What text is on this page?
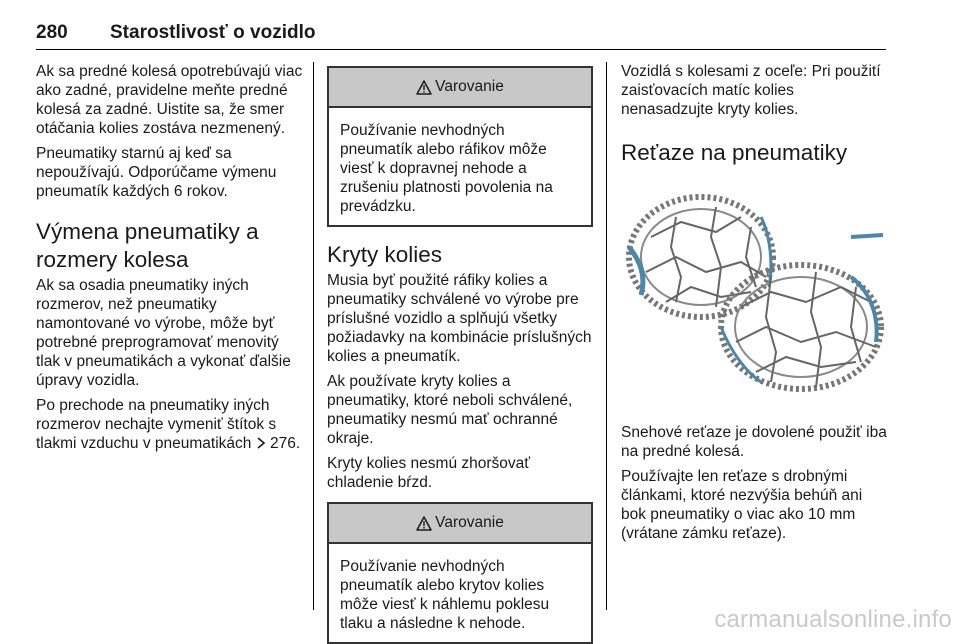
280 Starostlivosť o vozidlo

Ak sa predné kolesá opotrebúvajú viac ako zadné, pravidelne meňte predné kolesá za zadné. Uistite sa, že smer otáčania kolies zostáva nezmenený.

Pneumatiky starnú aj keď sa nepoužívajú. Odporúčame výmenu pneumatík každých 6 rokov.

Výmena pneumatiky a rozmery kolesa

Ak sa osadia pneumatiky iných rozmerov, než pneumatiky namontované vo výrobe, môže byť potrebné preprogramovať menovitý tlak v pneumatikách a vykonať ďalšie úpravy vozidla.

Po prechode na pneumatiky iných rozmerov nechajte vymeniť štítok s tlakmi vzduchu v pneumatikách 276.

Varovanie

Používanie nevhodných pneumatík alebo ráfikov môže viesť k dopravnej nehode a zrušeniu platnosti povolenia na prevádzku.

Kryty kolies

Musia byť použité ráfiky kolies a pneumatiky schválené vo výrobe pre príslušné vozidlo a splňujú všetky požiadavky na kombinácie príslušných kolies a pneumatík.

Ak používate kryty kolies a pneumatiky, ktoré neboli schválené, pneumatiky nesmú mať ochranné okraje.

Kryty kolies nesmú zhoršovať chladenie bŕzd.

Varovanie

Používanie nevhodných pneumatík alebo krytov kolies môže viesť k náhlemu poklesu tlaku a následne k nehode.

Vozidlá s kolesami z oceľe: Pri použití zaisťovacích matíc kolies nenasadzujte kryty kolies.

Reťaze na pneumatiky

Snehové reťaze je dovolené použiť iba na predné kolesá.

Používajte len reťaze s drobnými článkami, ktoré nezvýšia behúň ani bok pneumatiky o viac ako 10 mm (vrátane zámku reťaze).

carmanualsonline.info
